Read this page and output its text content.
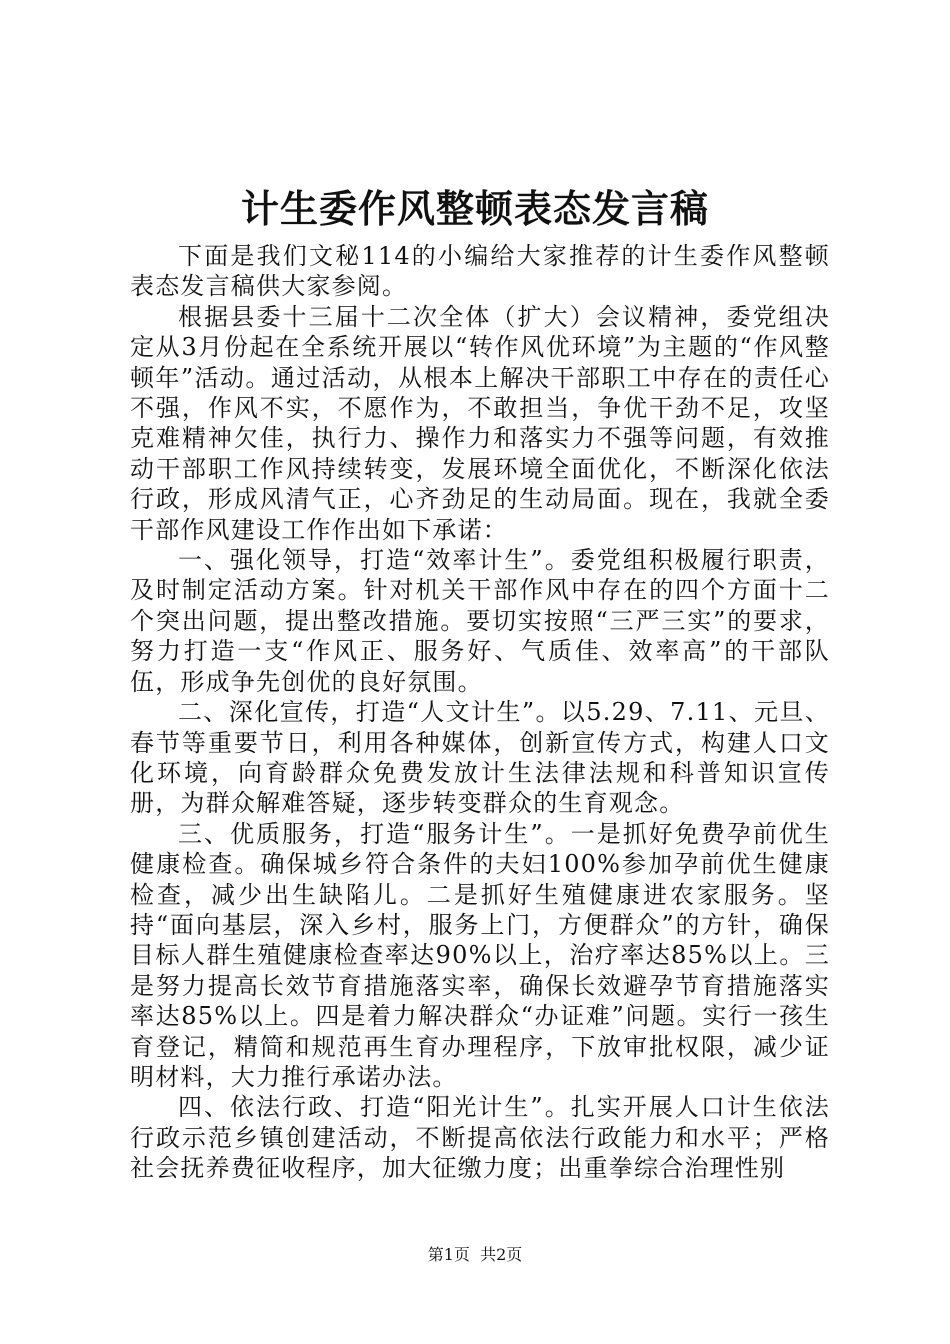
计生委作风整顿表态发言稿

下面是我们文秘114的小编给大家推荐的计生委作风整顿表态发言稿供大家参阅。

根据县委十三届十二次全体（扩大）会议精神，委党组决定从3月份起在全系统开展以“转作风优环境”为主题的“作风整顿年”活动。通过活动，从根本上解决干部职工中存在的责任心不强，作风不实，不愿作为，不敢担当，争优干劲不足，攻坚克难精神欠佳，执行力、操作力和落实力不强等问题，有效推动干部职工作风持续转变，发展环境全面优化，不断深化依法行政，形成风清气正，心齐劲足的生动局面。现在，我就全委干部作风建设工作作出如下承诺：

一、强化领导，打造“效率计生”。委党组积极履行职责，及时制定活动方案。针对机关干部作风中存在的四个方面十二个突出问题，提出整改措施。要切实按照“三严三实”的要求，努力打造一支“作风正、服务好、气质佳、效率高”的干部队伍，形成争先创优的良好氛围。

二、深化宣传，打造“人文计生”。以5.29、7.11、元旦、春节等重要节日，利用各种媒体，创新宣传方式，构建人口文化环境，向育龄群众免费发放计生法律法规和科普知识宣传册，为群众解难答疑，逐步转变群众的生育观念。

三、优质服务，打造“服务计生”。一是抓好免费孕前优生健康检查。确保城乡符合条件的夫妇100%参加孕前优生健康检查，减少出生缺陷儿。二是抓好生殖健康进农家服务。坚持“面向基层，深入乡村，服务上门，方便群众”的方针，确保目标人群生殖健康检查率达90%以上，治疗率达85%以上。三是努力提高长效节育措施落实率，确保长效避孕节育措施落实率达85%以上。四是着力解决群众“办证难”问题。实行一孩生育登记，精简和规范再生育办理程序，下放审批权限，减少证明材料，大力推行承诺办法。

四、依法行政、打造“阳光计生”。扎实开展人口计生依法行政示范乡镇创建活动，不断提高依法行政能力和水平；严格社会抚养费征收程序，加大征缴力度；出重拳综合治理性别

第1页  共2页
